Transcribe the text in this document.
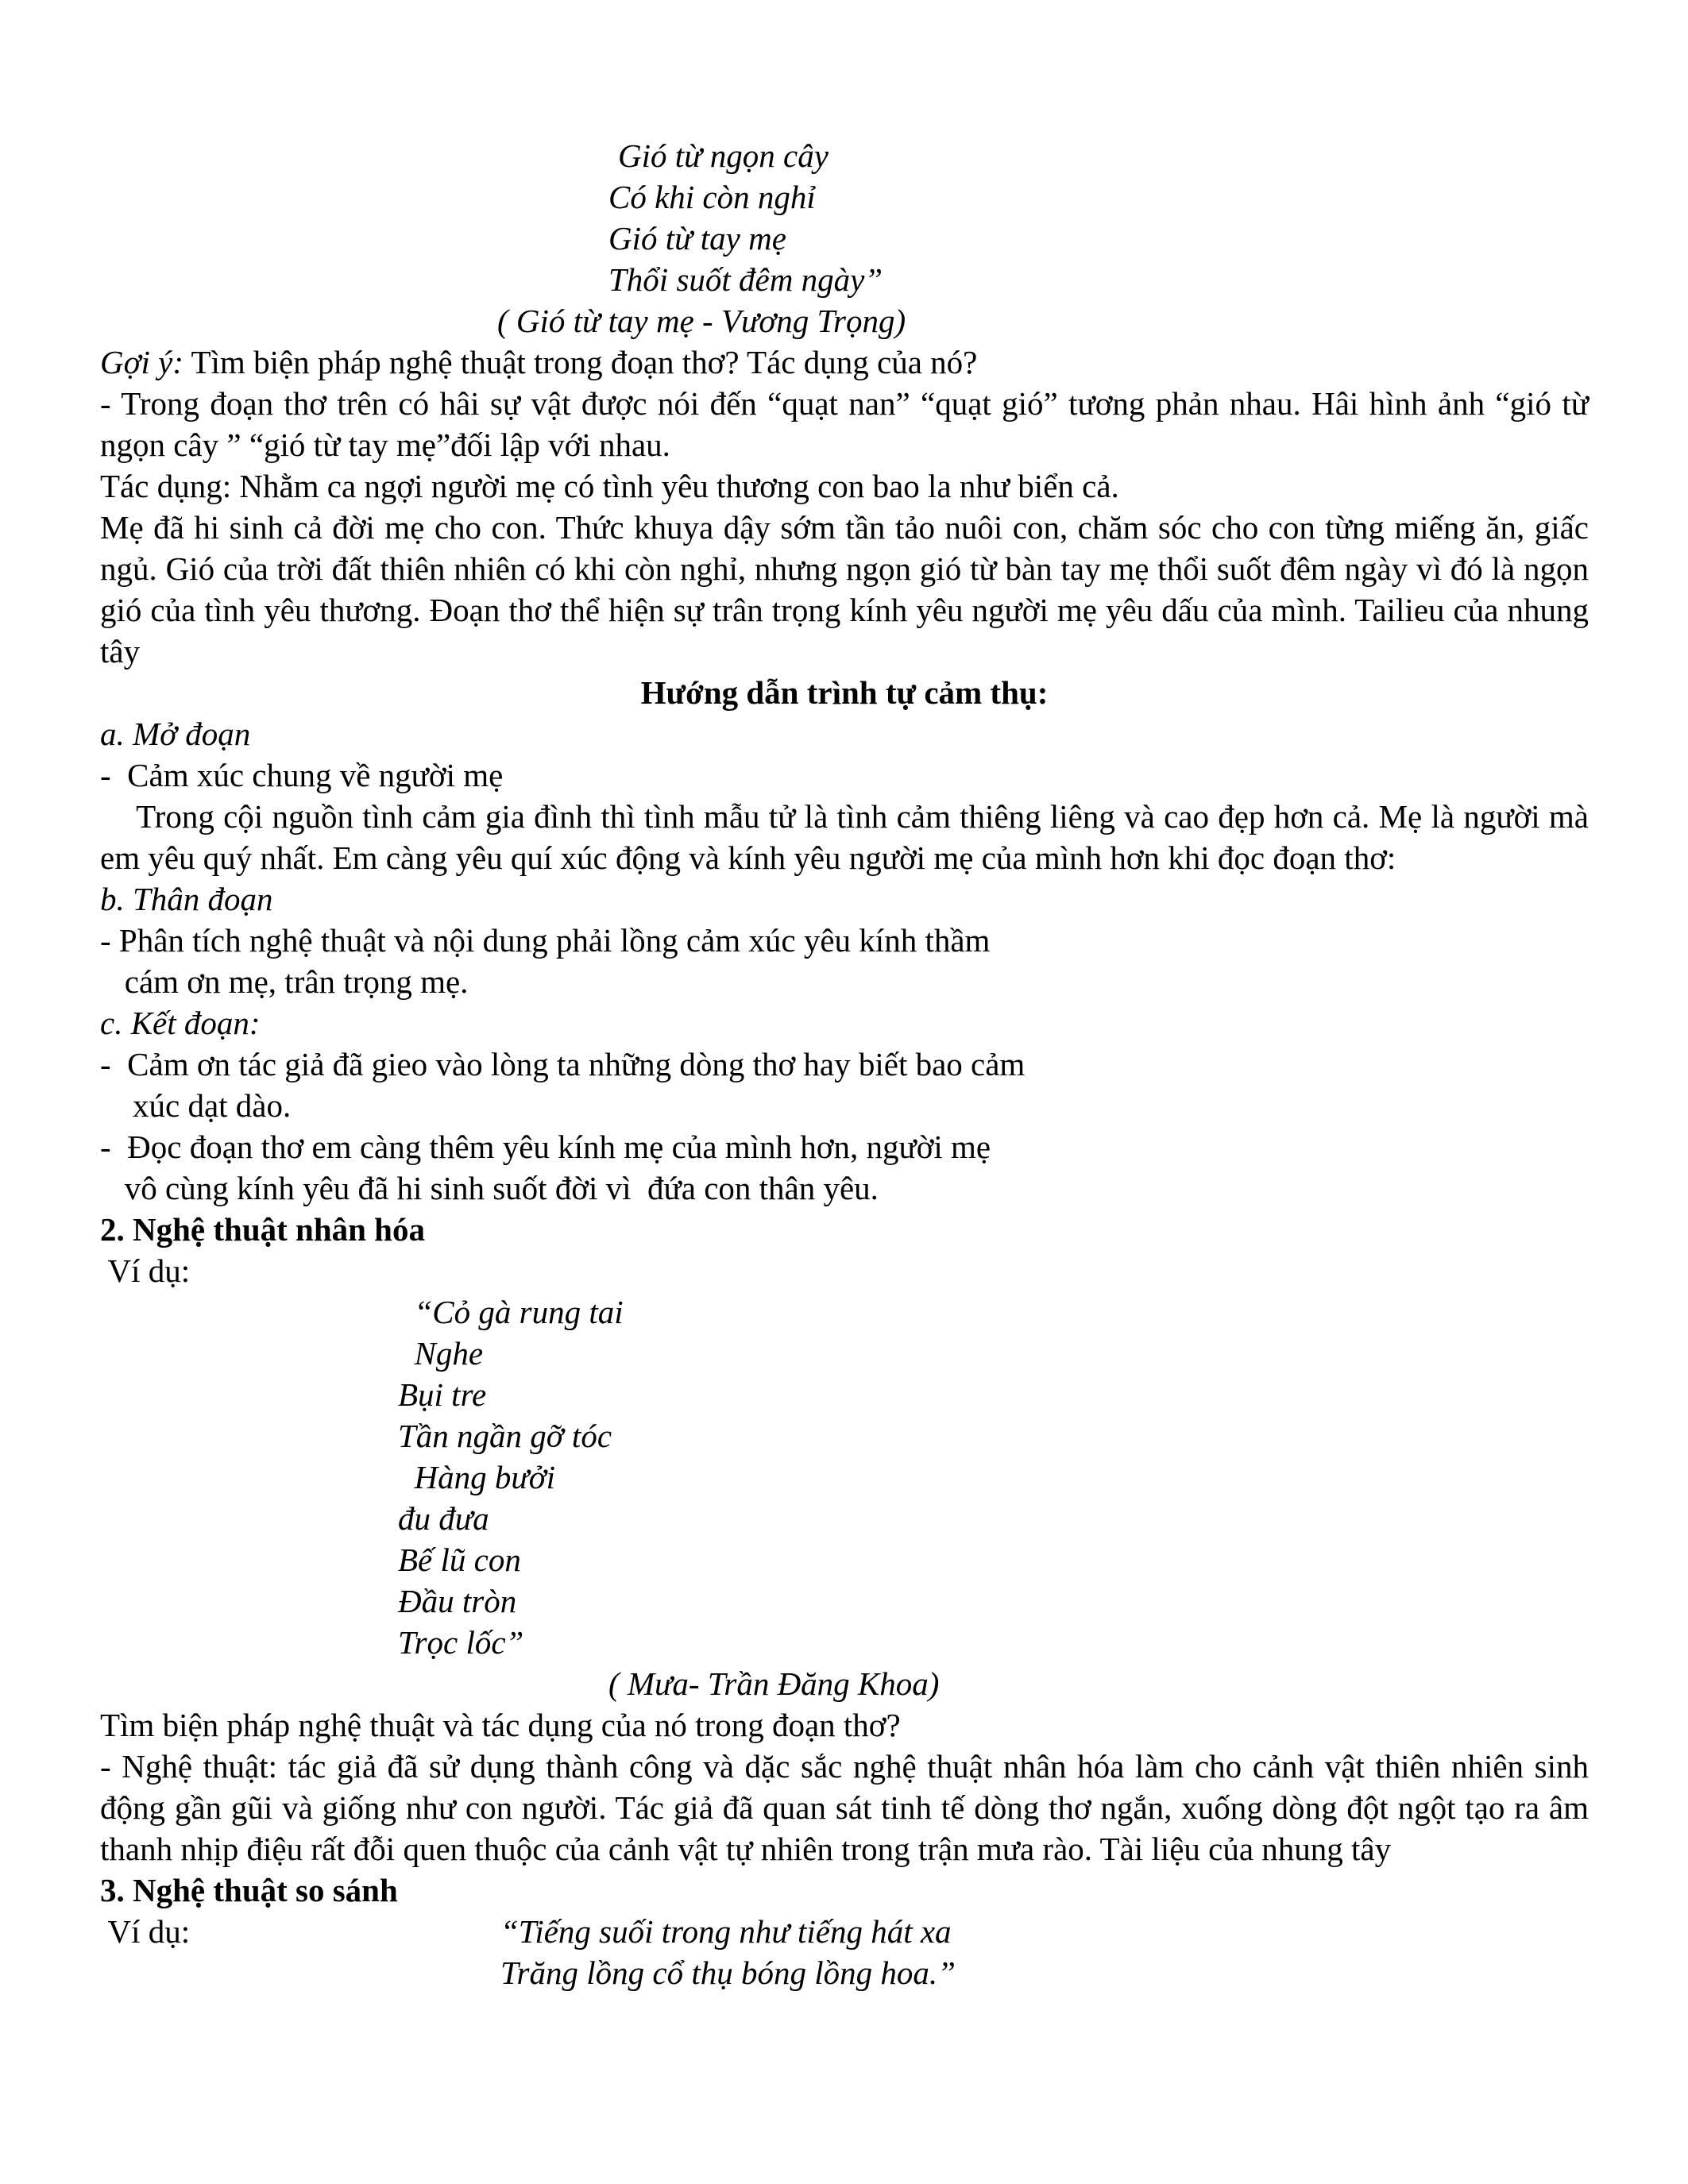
Gió từ ngọn cây
Có khi còn nghỉ
Gió từ tay mẹ
Thổi suốt đêm ngày”
( Gió từ tay mẹ - Vương Trọng)
Gợi ý: Tìm biện pháp nghệ thuật trong đoạn thơ? Tác dụng của nó?
- Trong đoạn thơ trên có hâi sự vật được nói đến “quạt nan” “quạt gió” tương phản nhau. Hâi hình ảnh “gió từ ngọn cây ” “gió từ tay mẹ”đối lập với nhau.
Tác dụng: Nhằm ca ngợi người mẹ có tình yêu thương con bao la như biển cả.
Mẹ đã hi sinh cả đời mẹ cho con. Thức khuya dậy sớm tần tảo nuôi con, chăm sóc cho con từng miếng ăn, giấc ngủ. Gió của trời đất thiên nhiên có khi còn nghỉ, nhưng ngọn gió từ bàn tay mẹ thổi suốt đêm ngày vì đó là ngọn gió của tình yêu thương. Đoạn thơ thể hiện sự trân trọng kính yêu người mẹ yêu dấu của mình. Tailieu của nhung tây
Hướng dẫn trình tự cảm thụ:
a. Mở đoạn
-  Cảm xúc chung về người mẹ
Trong cội nguồn tình cảm gia đình thì tình mẫu tử là tình cảm thiêng liêng và cao đẹp hơn cả. Mẹ là người mà em yêu quý nhất. Em càng yêu quí xúc động và kính yêu người mẹ của mình hơn khi đọc đoạn thơ:
b. Thân đoạn
- Phân tích nghệ thuật và nội dung phải lồng cảm xúc yêu kính thầm
cám ơn mẹ, trân trọng mẹ.
c. Kết đoạn:
-  Cảm ơn tác giả đã gieo vào lòng ta những dòng thơ hay biết bao cảm
xúc dạt dào.
-  Đọc đoạn thơ em càng thêm yêu kính mẹ của mình hơn, người mẹ
vô cùng kính yêu đã hi sinh suốt đời vì  đứa con thân yêu.
2. Nghệ thuật nhân hóa
Ví dụ:
“Cỏ gà rung tai
Nghe
Bụi tre
Tần ngần gỡ tóc
Hàng bưởi
đu đưa
Bế lũ con
Đầu tròn
Trọc lốc”
( Mưa- Trần Đăng Khoa)
Tìm biện pháp nghệ thuật và tác dụng của nó trong đoạn thơ?
- Nghệ thuật: tác giả đã sử dụng thành công và dặc sắc nghệ thuật nhân hóa làm cho cảnh vật thiên nhiên sinh động gần gũi và giống như con người. Tác giả đã quan sát tinh tế dòng thơ ngắn, xuống dòng đột ngột tạo ra âm thanh nhịp điệu rất đỗi quen thuộc của cảnh vật tự nhiên trong trận mưa rào. Tài liệu của nhung tây
3. Nghệ thuật so sánh
Ví dụ:	“Tiếng suối trong như tiếng hát xa
Trăng lồng cổ thụ bóng lồng hoa.”
